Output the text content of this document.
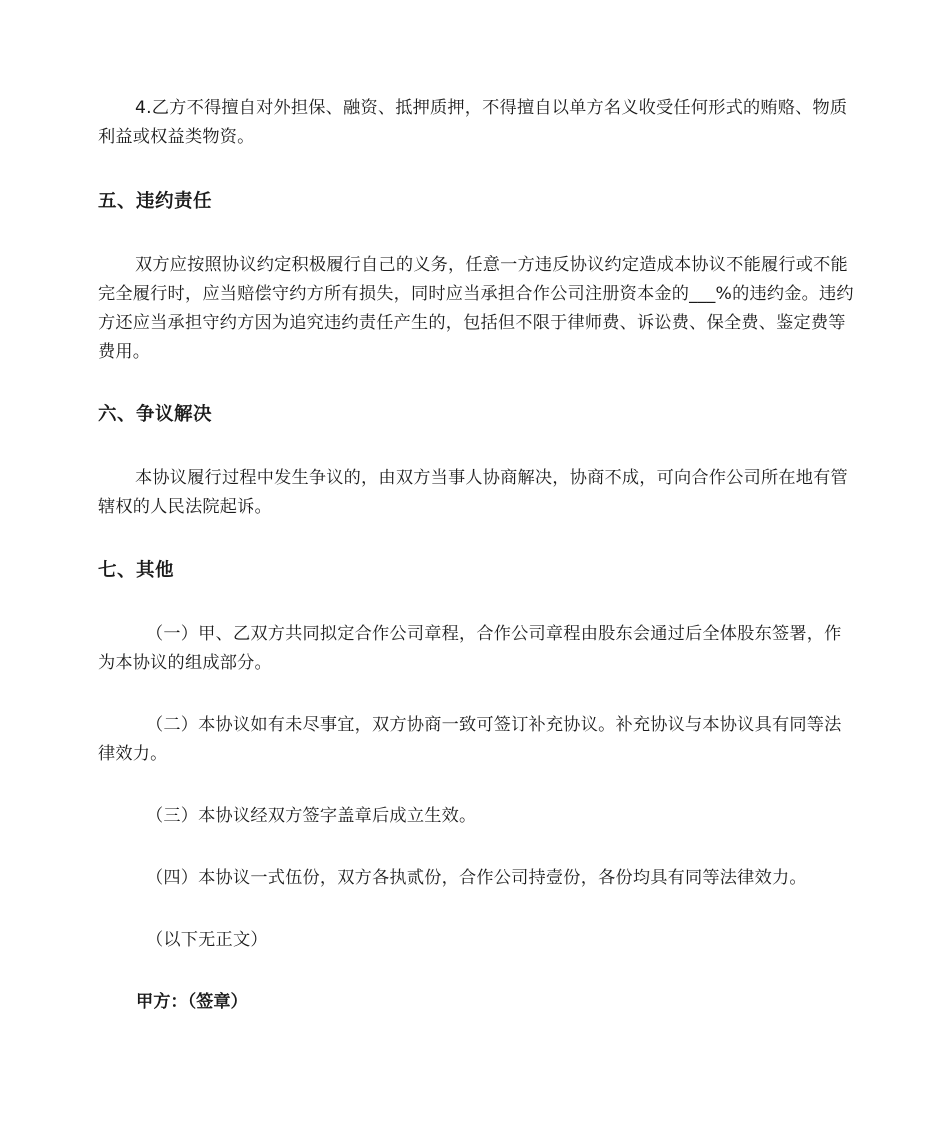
4.乙方不得擅自对外担保、融资、抵押质押，不得擅自以单方名义收受任何形式的贿赂、物质利益或权益类物资。

五、违约责任

双方应按照协议约定积极履行自己的义务，任意一方违反协议约定造成本协议不能履行或不能完全履行时，应当赔偿守约方所有损失，同时应当承担合作公司注册资本金的___%的违约金。违约方还应当承担守约方因为追究违约责任产生的，包括但不限于律师费、诉讼费、保全费、鉴定费等费用。

六、争议解决

本协议履行过程中发生争议的，由双方当事人协商解决，协商不成，可向合作公司所在地有管辖权的人民法院起诉。

七、其他

（一）甲、乙双方共同拟定合作公司章程，合作公司章程由股东会通过后全体股东签署，作为本协议的组成部分。

（二）本协议如有未尽事宜，双方协商一致可签订补充协议。补充协议与本协议具有同等法律效力。

（三）本协议经双方签字盖章后成立生效。

（四）本协议一式伍份，双方各执贰份，合作公司持壹份，各份均具有同等法律效力。

（以下无正文）

甲方：（签章）
